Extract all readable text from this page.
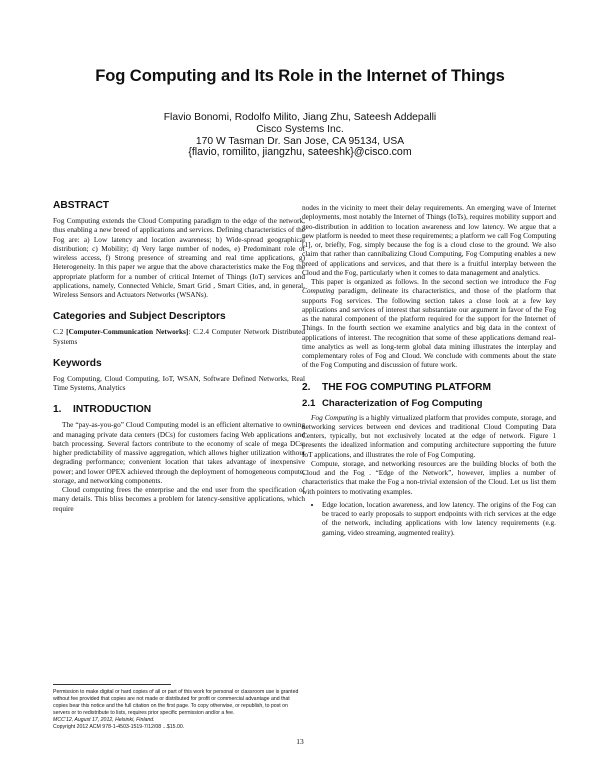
Fog Computing and Its Role in the Internet of Things
Flavio Bonomi, Rodolfo Milito, Jiang Zhu, Sateesh Addepalli
Cisco Systems Inc.
170 W Tasman Dr. San Jose, CA 95134, USA
{flavio, romilito, jiangzhu, sateeshk}@cisco.com
ABSTRACT

Fog Computing extends the Cloud Computing paradigm to the edge of the network, thus enabling a new breed of applications and services. Defining characteristics of the Fog are: a) Low latency and location awareness; b) Wide-spread geographical distribution; c) Mobility; d) Very large number of nodes, e) Predominant role of wireless access, f) Strong presence of streaming and real time applications, g) Heterogeneity. In this paper we argue that the above characteristics make the Fog the appropriate platform for a number of critical Internet of Things (IoT) services and applications, namely, Connected Vehicle, Smart Grid , Smart Cities, and, in general, Wireless Sensors and Actuators Networks (WSANs).

Categories and Subject Descriptors

C.2 [Computer-Communication Networks]: C.2.4 Computer Network Distributed Systems

Keywords

Fog Computing, Cloud Computing, IoT, WSAN, Software Defined Networks, Real Time Systems, Analytics

1. INTRODUCTION

The “pay-as-you-go” Cloud Computing model is an efficient alternative to owning and managing private data centers (DCs) for customers facing Web applications and batch processing. Several factors contribute to the economy of scale of mega DCs: higher predictability of massive aggregation, which allows higher utilization without degrading performance; convenient location that takes advantage of inexpensive power; and lower OPEX achieved through the deployment of homogeneous compute, storage, and networking components.

Cloud computing frees the enterprise and the end user from the specification of many details. This bliss becomes a problem for latency-sensitive applications, which require

Permission to make digital or hard copies of all or part of this work for personal or classroom use is granted without fee provided that copies are not made or distributed for profit or commercial advantage and that copies bear this notice and the full citation on the first page. To copy otherwise, or republish, to post on servers or to redistribute to lists, requires prior specific permission and/or a fee.

MCC’12, August 17, 2012, Helsinki, Finland.

Copyright 2012 ACM 978-1-4503-1519-7/12/08 ...$15.00.

nodes in the vicinity to meet their delay requirements. An emerging wave of Internet deployments, most notably the Internet of Things (IoTs), requires mobility support and geo-distribution in addition to location awareness and low latency. We argue that a new platform is needed to meet these requirements; a platform we call Fog Computing [1], or, briefly, Fog, simply because the fog is a cloud close to the ground. We also claim that rather than cannibalizing Cloud Computing, Fog Computing enables a new breed of applications and services, and that there is a fruitful interplay between the Cloud and the Fog, particularly when it comes to data management and analytics.

This paper is organized as follows. In the second section we introduce the Fog Computing paradigm, delineate its characteristics, and those of the platform that supports Fog services. The following section takes a close look at a few key applications and services of interest that substantiate our argument in favor of the Fog as the natural component of the platform required for the support for the Internet of Things. In the fourth section we examine analytics and big data in the context of applications of interest. The recognition that some of these applications demand real-time analytics as well as long-term global data mining illustrates the interplay and complementary roles of Fog and Cloud. We conclude with comments about the state of the Fog Computing and discussion of future work.

2. THE FOG COMPUTING PLATFORM
2.1 Characterization of Fog Computing

Fog Computing is a highly virtualized platform that provides compute, storage, and networking services between end devices and traditional Cloud Computing Data Centers, typically, but not exclusively located at the edge of network. Figure 1 presents the idealized information and computing architecture supporting the future IoT applications, and illustrates the role of Fog Computing.

Compute, storage, and networking resources are the building blocks of both the Cloud and the Fog . “Edge of the Network”, however, implies a number of characteristics that make the Fog a non-trivial extension of the Cloud. Let us list them with pointers to motivating examples.

• Edge location, location awareness, and low latency. The origins of the Fog can be traced to early proposals to support endpoints with rich services at the edge of the network, including applications with low latency requirements (e.g. gaming, video streaming, augmented reality).
13
